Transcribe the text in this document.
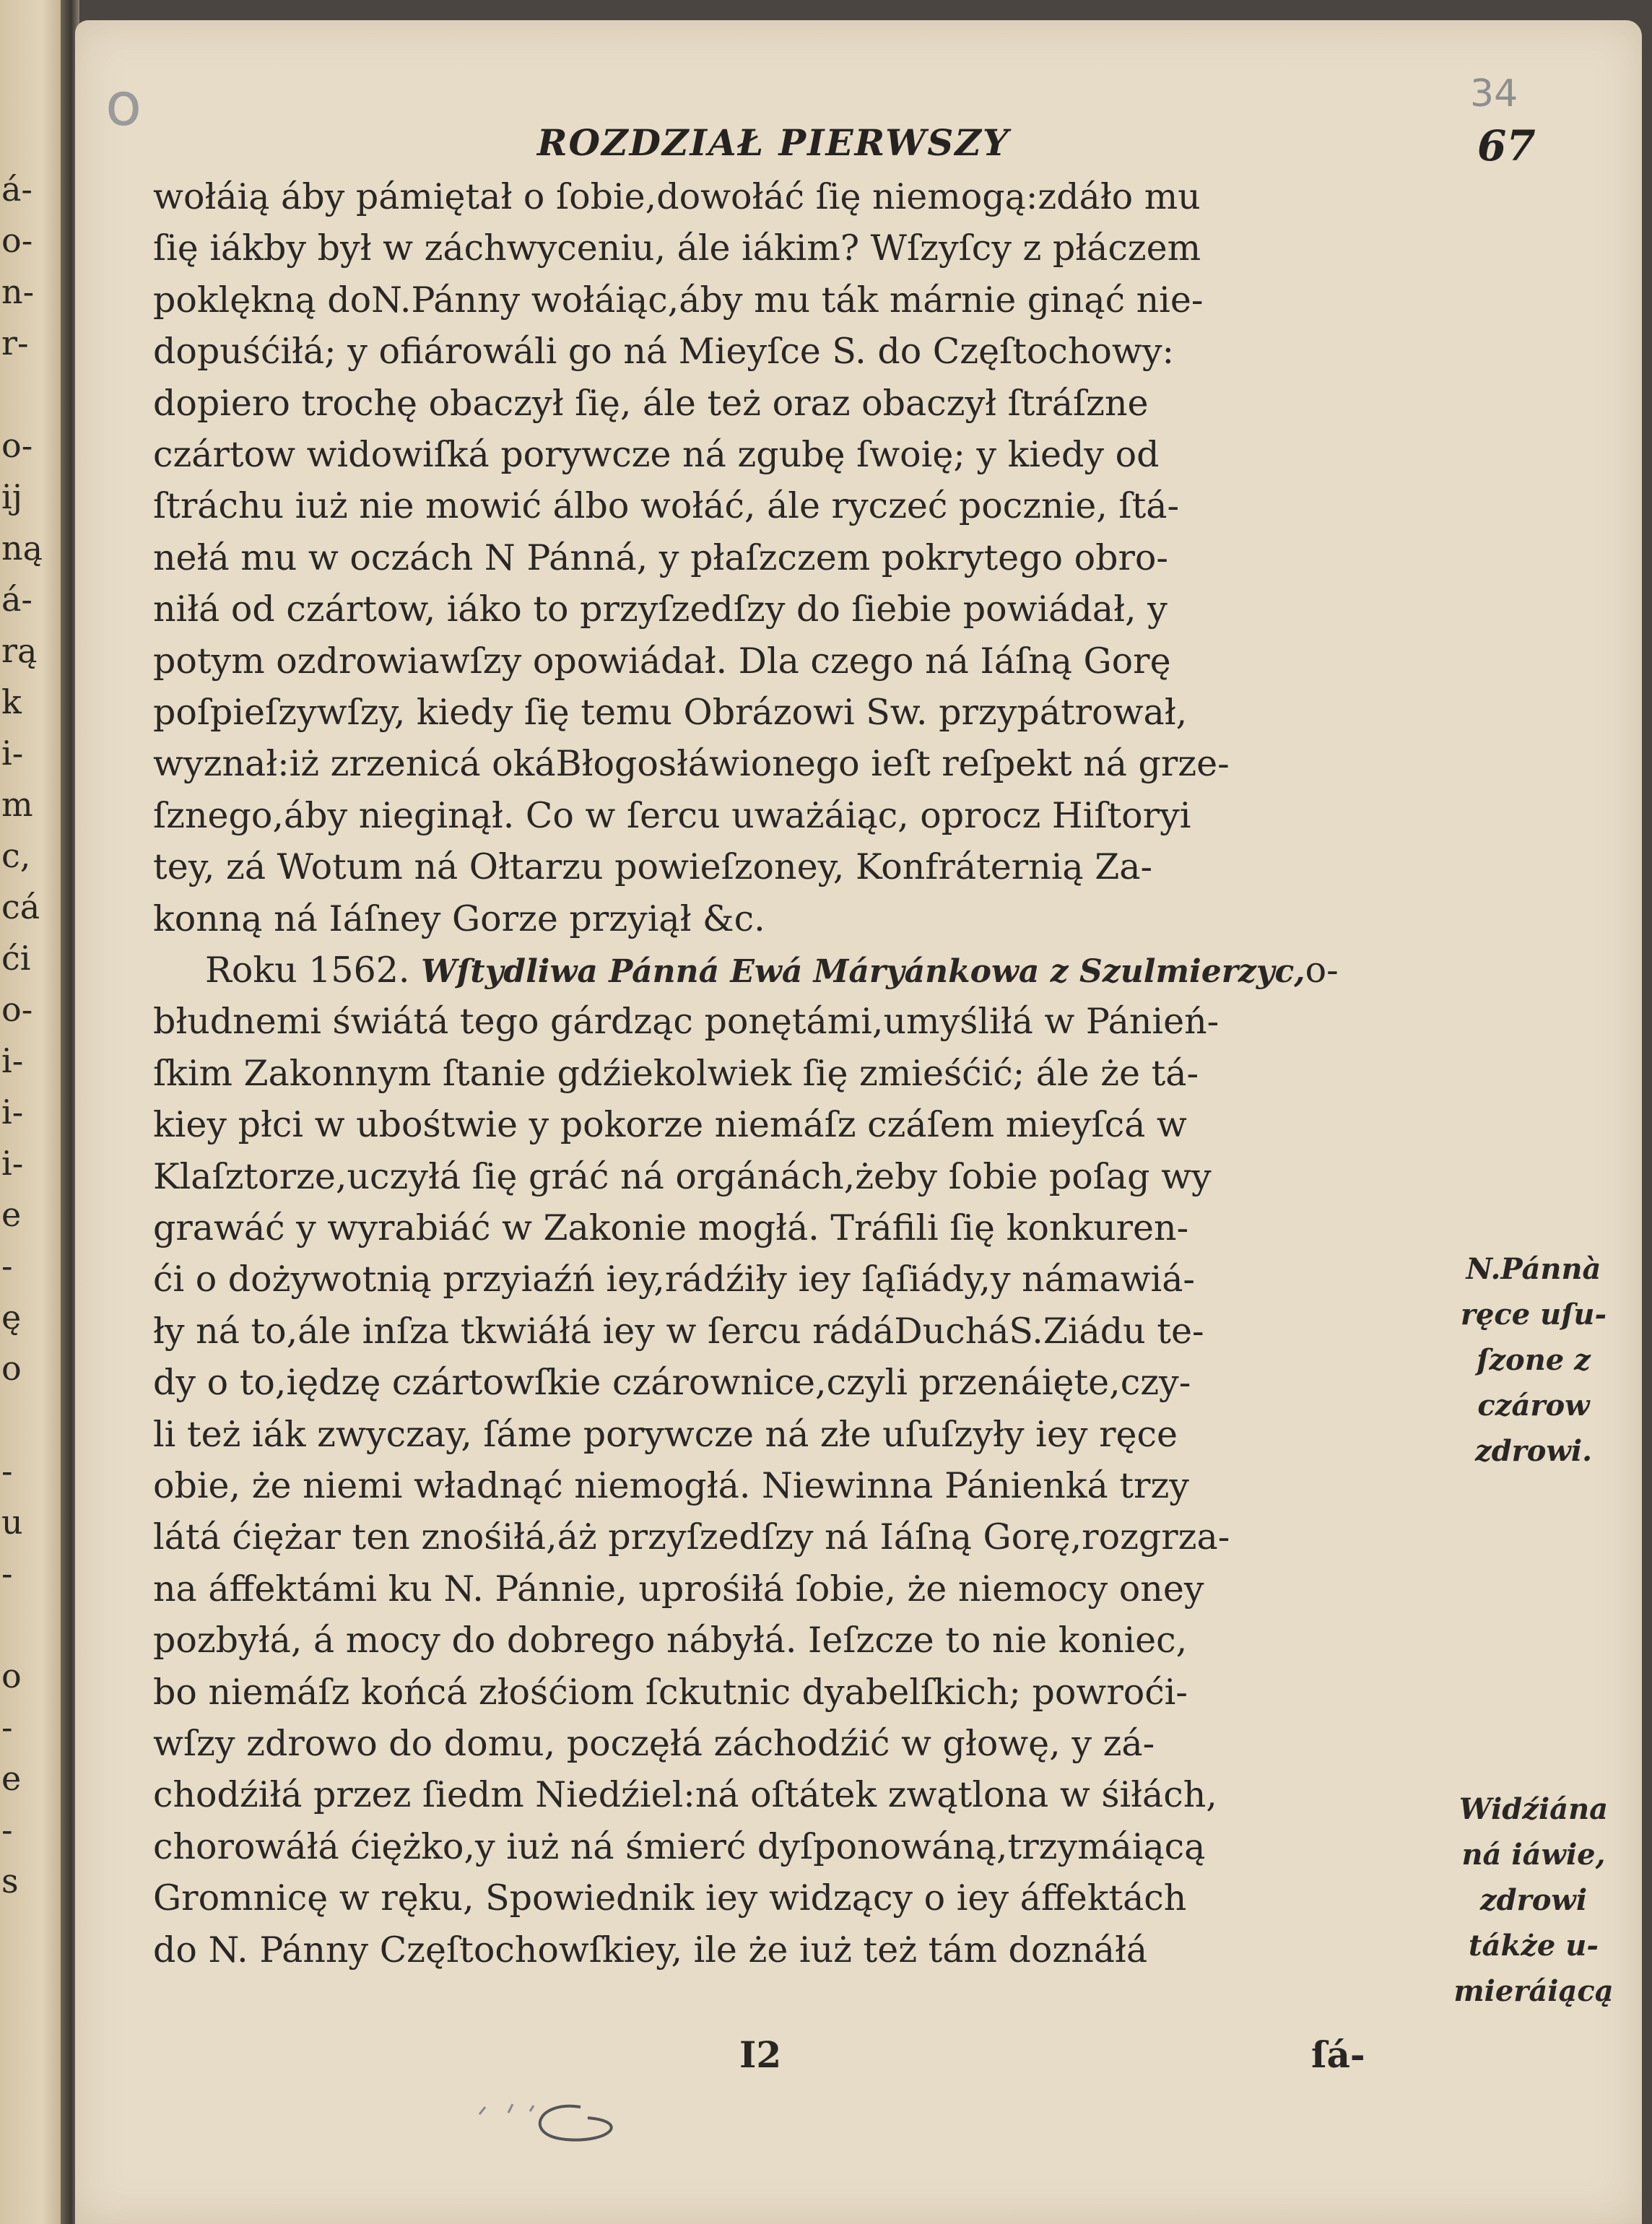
á-
o-
n-
r-
o-
ij
ną
á-
rą
k
i-
m
c,
cá
ći
o-
i-
i-
i-
e
-
ę
o
-
u
-
o
-
e
-
s
o	34
ROZDZIAŁ PIERWSZY	67
wołáią áby pámiętał o ſobie,dowołáć ſię niemogą:zdáło mu
ſię iákby był w záchwyceniu, ále iákim? Wſzyſcy z płáczem
poklękną doN.Pánny wołáiąc,áby mu ták márnie ginąć nie-
dopuśćiłá; y ofiárowáli go ná Mieyſce S. do Częſtochowy:
dopiero trochę obaczył ſię, ále też oraz obaczył ſtráſzne
czártow widowiſká porywcze ná zgubę ſwoię; y kiedy od
ſtráchu iuż nie mowić álbo wołáć, ále ryczeć pocznie, ſtá-
nełá mu w oczách N Pánná, y płaſzczem pokrytego obro-
niłá od czártow, iáko to przyſzedſzy do ſiebie powiádał, y
potym ozdrowiawſzy opowiádał. Dla czego ná Iáſną Gorę
poſpieſzywſzy, kiedy ſię temu Obrázowi Sw. przypátrował,
wyznał:iż zrzenicá okáBłogosłáwionego ieſt reſpekt ná grze-
ſznego,áby nieginął. Co w ſercu uważáiąc, oprocz Hiſtoryi
tey, zá Wotum ná Ołtarzu powieſzoney, Konfráternią Za-
konną ná Iáſney Gorze przyiął &c.
Roku 1562. Wſtydliwa Pánná Ewá Máryánkowa z Szulmierzyc,o-
błudnemi świátá tego gárdząc ponętámi,umyśliłá w Pánień-
ſkim Zakonnym ſtanie gdźiekolwiek ſię zmieśćić; ále że tá-
kiey płci w ubośtwie y pokorze niemáſz czáſem mieyſcá w
Klaſztorze,uczyłá ſię gráć ná orgánách,żeby ſobie poſag wy
grawáć y wyrabiáć w Zakonie mogłá. Tráfili ſię konkuren-
ći o dożywotnią przyiaźń iey,rádźiły iey ſąſiády,y námawiá-
ły ná to,ále inſza tkwiáłá iey w ſercu rádáDucháS.Ziádu te-
dy o to,iędzę czártowſkie czárownice,czyli przenáięte,czy-
li też iák zwyczay, ſáme porywcze ná złe uſuſzyły iey ręce
obie, że niemi władnąć niemogłá. Niewinna Pánienká trzy
látá ćiężar ten znośiłá,áż przyſzedſzy ná Iáſną Gorę,rozgrza-
na áffektámi ku N. Pánnie, uprośiłá ſobie, że niemocy oney
pozbyłá, á mocy do dobrego nábyłá. Ieſzcze to nie koniec,
bo niemáſz końcá złośćiom ſckutnic dyabelſkich; powroći-
wſzy zdrowo do domu, poczęłá záchodźić w głowę, y zá-
chodźiłá przez ſiedm Niedźiel:ná oſtátek zwątlona w śiłách,
chorowáłá ćiężko,y iuż ná śmierć dyſponowáną,trzymáiącą
Gromnicę w ręku, Spowiednik iey widzący o iey áffektách
do N. Pánny Częſtochowſkiey, ile że iuż też tám doznáłá
N.Pánnà
ręce uſu-
ſzone z
czárow
zdrowi.
Widźiána
ná iáwie,
zdrowi
tákże u-
mieráiącą
I2	ſá-
